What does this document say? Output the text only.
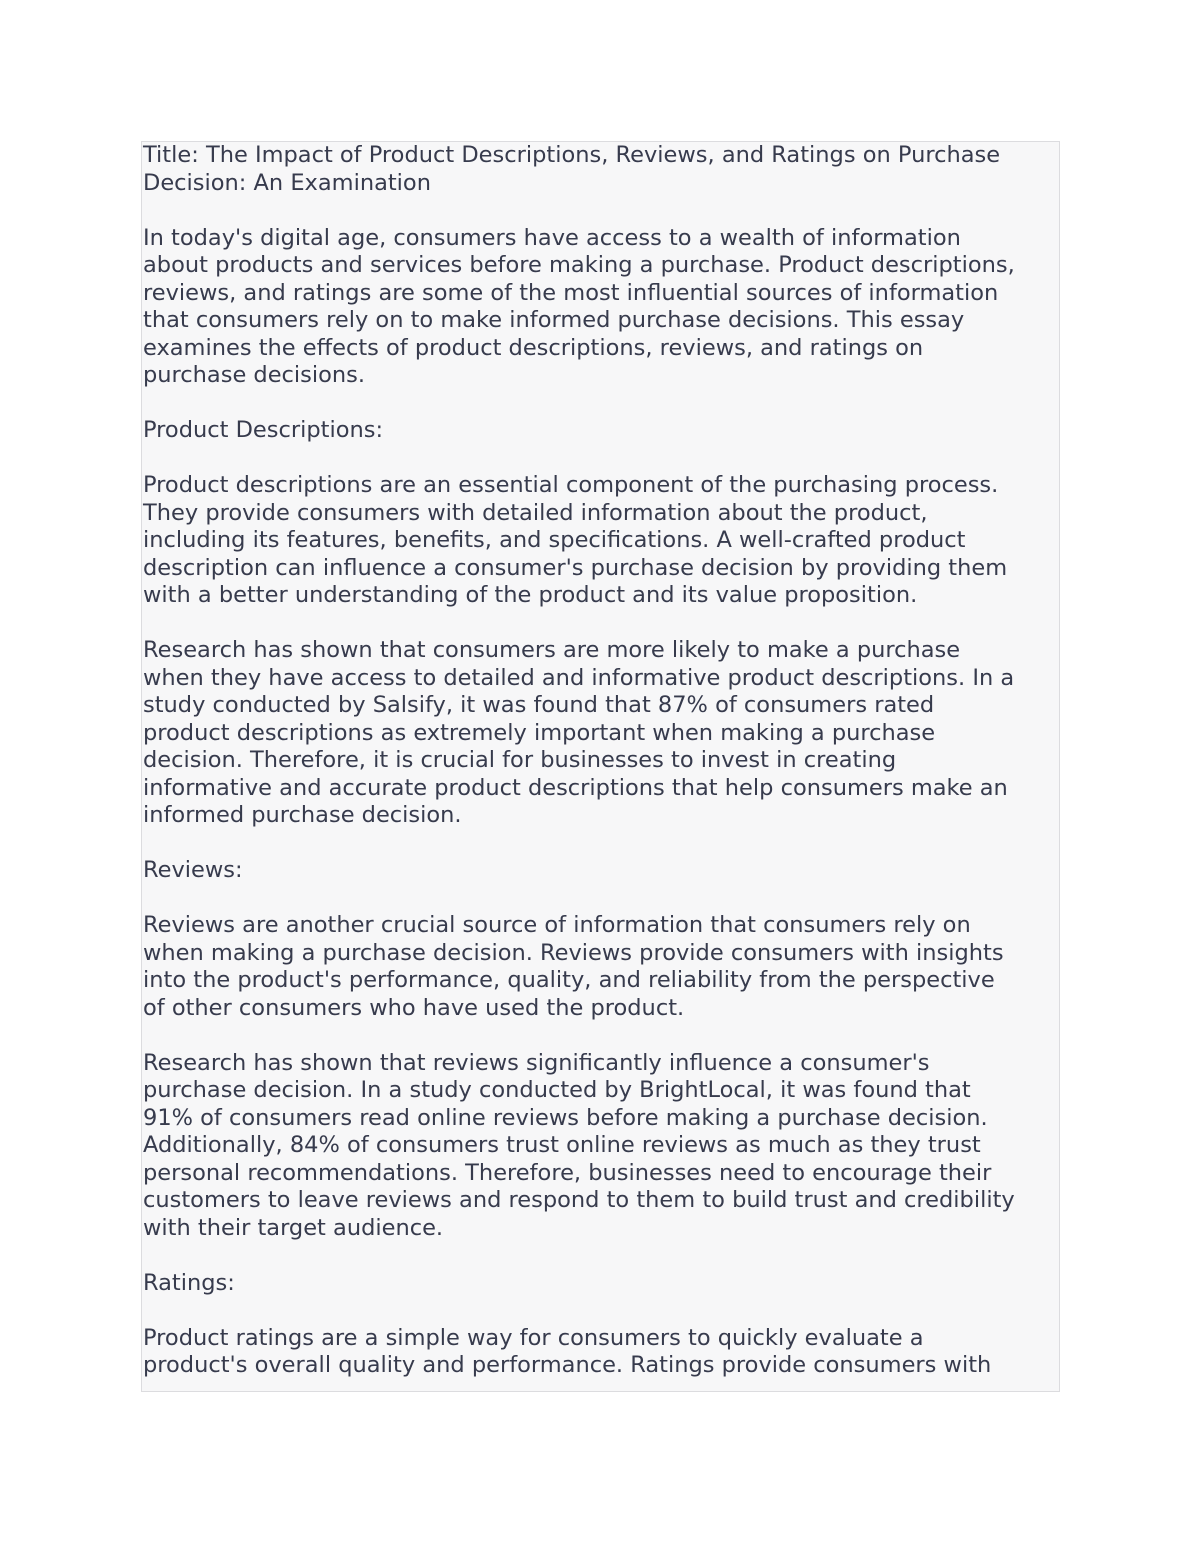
Title: The Impact of Product Descriptions, Reviews, and Ratings on Purchase
Decision: An Examination

In today's digital age, consumers have access to a wealth of information
about products and services before making a purchase. Product descriptions,
reviews, and ratings are some of the most influential sources of information
that consumers rely on to make informed purchase decisions. This essay
examines the effects of product descriptions, reviews, and ratings on
purchase decisions.

Product Descriptions:

Product descriptions are an essential component of the purchasing process.
They provide consumers with detailed information about the product,
including its features, benefits, and specifications. A well-crafted product
description can influence a consumer's purchase decision by providing them
with a better understanding of the product and its value proposition.

Research has shown that consumers are more likely to make a purchase
when they have access to detailed and informative product descriptions. In a
study conducted by Salsify, it was found that 87% of consumers rated
product descriptions as extremely important when making a purchase
decision. Therefore, it is crucial for businesses to invest in creating
informative and accurate product descriptions that help consumers make an
informed purchase decision.

Reviews:

Reviews are another crucial source of information that consumers rely on
when making a purchase decision. Reviews provide consumers with insights
into the product's performance, quality, and reliability from the perspective
of other consumers who have used the product.

Research has shown that reviews significantly influence a consumer's
purchase decision. In a study conducted by BrightLocal, it was found that
91% of consumers read online reviews before making a purchase decision.
Additionally, 84% of consumers trust online reviews as much as they trust
personal recommendations. Therefore, businesses need to encourage their
customers to leave reviews and respond to them to build trust and credibility
with their target audience.

Ratings:

Product ratings are a simple way for consumers to quickly evaluate a
product's overall quality and performance. Ratings provide consumers with
